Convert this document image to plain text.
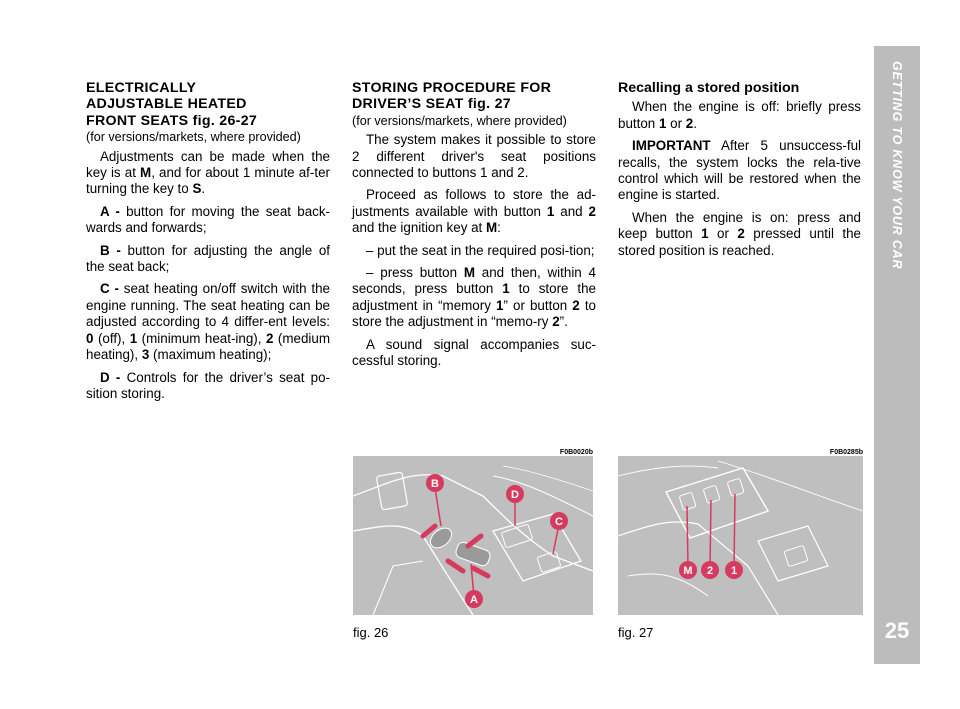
GETTING TO KNOW YOUR CAR
25
ELECTRICALLY
ADJUSTABLE HEATED
FRONT SEATS fig. 26-27
(for versions/markets, where provided)

Adjustments can be made when the key is at M, and for about 1 minute af-ter turning the key to S.

A - button for moving the seat back-wards and forwards;

B - button for adjusting the angle of the seat back;

C - seat heating on/off switch with the engine running. The seat heating can be adjusted according to 4 differ-ent levels: 0 (off), 1 (minimum heat-ing), 2 (medium heating), 3 (maximum heating);

D - Controls for the driver’s seat po-sition storing.

STORING PROCEDURE FOR
DRIVER’S SEAT fig. 27
(for versions/markets, where provided)

The system makes it possible to store 2 different driver's seat positions connected to buttons 1 and 2.

Proceed as follows to store the ad-justments available with button 1 and 2 and the ignition key at M:

– put the seat in the required posi-tion;

– press button M and then, within 4 seconds, press button 1 to store the adjustment in “memory 1” or button 2 to store the adjustment in “memo-ry 2”.

A sound signal accompanies suc-cessful storing.

Recalling a stored position

When the engine is off: briefly press button 1 or 2.

IMPORTANT After 5 unsuccess-ful recalls, the system locks the rela-tive control which will be restored when the engine is started.

When the engine is on: press and keep button 1 or 2 pressed until the stored position is reached.

F0B0020b
B
D
C
A
fig. 26
F0B0285b
M 2 1
fig. 27
